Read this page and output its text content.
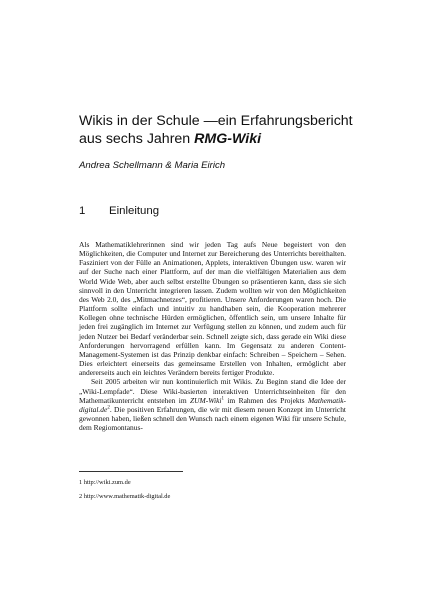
Wikis in der Schule —ein Erfahrungsbericht
aus sechs Jahren RMG-Wiki
Andrea Schellmann & Maria Eirich
1 Einleitung

Als Mathematiklehrerinnen sind wir jeden Tag aufs Neue begeistert von den Möglichkeiten, die Computer und Internet zur Bereicherung des Unterrichts bereithalten. Fasziniert von der Fülle an Animationen, Applets, interaktiven Übungen usw. waren wir auf der Suche nach einer Plattform, auf der man die vielfältigen Materialien aus dem World Wide Web, aber auch selbst erstellte Übungen so präsentieren kann, dass sie sich sinnvoll in den Unterricht integrieren lassen. Zudem wollten wir von den Möglichkeiten des Web 2.0, des „Mitmachnetzes“, profitieren. Unsere Anforderungen waren hoch. Die Plattform sollte einfach und intuitiv zu handhaben sein, die Kooperation mehrerer Kollegen ohne technische Hürden ermöglichen, öffentlich sein, um unsere Inhalte für jeden frei zugänglich im Internet zur Verfügung stellen zu können, und zudem auch für jeden Nutzer bei Bedarf veränderbar sein. Schnell zeigte sich, dass gerade ein Wiki diese Anforderungen hervorragend erfüllen kann. Im Gegensatz zu anderen Content-Management-Systemen ist das Prinzip denkbar einfach: Schreiben – Speichern – Sehen. Dies erleichtert einerseits das gemeinsame Erstellen von Inhalten, ermöglicht aber andererseits auch ein leichtes Verändern bereits fertiger Produkte.

Seit 2005 arbeiten wir nun kontinuierlich mit Wikis. Zu Beginn stand die Idee der „Wiki-Lempfade“. Diese Wiki-basierten interaktiven Unterrichtseinheiten für den Mathematikunterricht entstehen im ZUM-Wiki$^1$ im Rahmen des Projekts Mathematik-$digital.de^2$. Die positiven Erfahrungen, die wir mit diesem neuen Konzept im Unterricht gewonnen haben, ließen schnell den Wunsch nach einem eigenen Wiki für unsere Schule, dem Regiomontanus-

1 http://wiki.zum.de
2 http://www.mathematik-digital.de
